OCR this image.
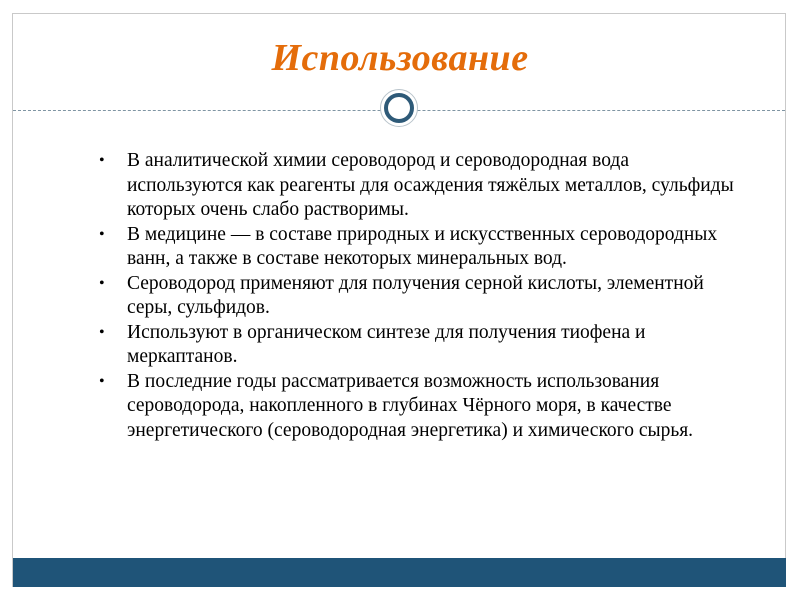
Использование
• В аналитической химии сероводород и сероводородная вода используются как реагенты для осаждения тяжёлых металлов, сульфиды которых очень слабо растворимы.
• В медицине — в составе природных и искусственных сероводородных ванн, а также в составе некоторых минеральных вод.
• Сероводород применяют для получения серной кислоты, элементной серы, сульфидов.
• Используют в органическом синтезе для получения тиофена и меркаптанов.
• В последние годы рассматривается возможность использования сероводорода, накопленного в глубинах Чёрного моря, в качестве энергетического (сероводородная энергетика) и химического сырья.
